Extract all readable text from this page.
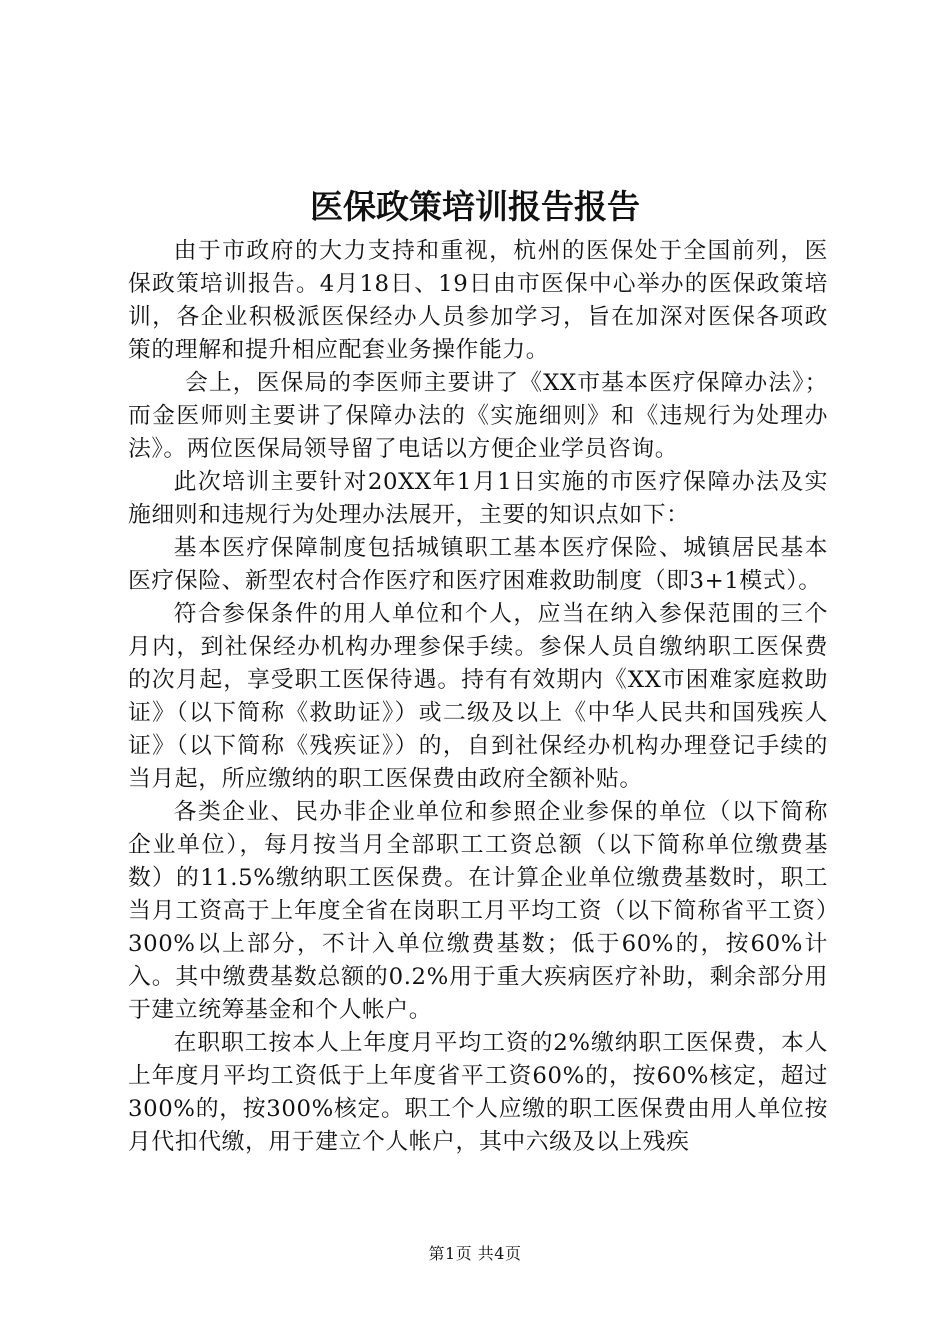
医保政策培训报告报告

由于市政府的大力支持和重视，杭州的医保处于全国前列，医保政策培训报告。4月18日、19日由市医保中心举办的医保政策培训，各企业积极派医保经办人员参加学习，旨在加深对医保各项政策的理解和提升相应配套业务操作能力。

会上，医保局的李医师主要讲了《XX市基本医疗保障办法》；而金医师则主要讲了保障办法的《实施细则》和《违规行为处理办法》。两位医保局领导留了电话以方便企业学员咨询。

此次培训主要针对20XX年1月1日实施的市医疗保障办法及实施细则和违规行为处理办法展开，主要的知识点如下：

基本医疗保障制度包括城镇职工基本医疗保险、城镇居民基本医疗保险、新型农村合作医疗和医疗困难救助制度（即3+1模式）。

符合参保条件的用人单位和个人，应当在纳入参保范围的三个月内，到社保经办机构办理参保手续。参保人员自缴纳职工医保费的次月起，享受职工医保待遇。持有有效期内《XX市困难家庭救助证》（以下简称《救助证》）或二级及以上《中华人民共和国残疾人证》（以下简称《残疾证》）的，自到社保经办机构办理登记手续的当月起，所应缴纳的职工医保费由政府全额补贴。

各类企业、民办非企业单位和参照企业参保的单位（以下简称企业单位），每月按当月全部职工工资总额（以下简称单位缴费基数）的11.5%缴纳职工医保费。在计算企业单位缴费基数时，职工当月工资高于上年度全省在岗职工月平均工资（以下简称省平工资）300%以上部分，不计入单位缴费基数；低于60%的，按60%计入。其中缴费基数总额的0.2%用于重大疾病医疗补助，剩余部分用于建立统筹基金和个人帐户。

在职职工按本人上年度月平均工资的2%缴纳职工医保费，本人上年度月平均工资低于上年度省平工资60%的，按60%核定，超过300%的，按300%核定。职工个人应缴的职工医保费由用人单位按月代扣代缴，用于建立个人帐户，其中六级及以上残疾

第1页 共4页
